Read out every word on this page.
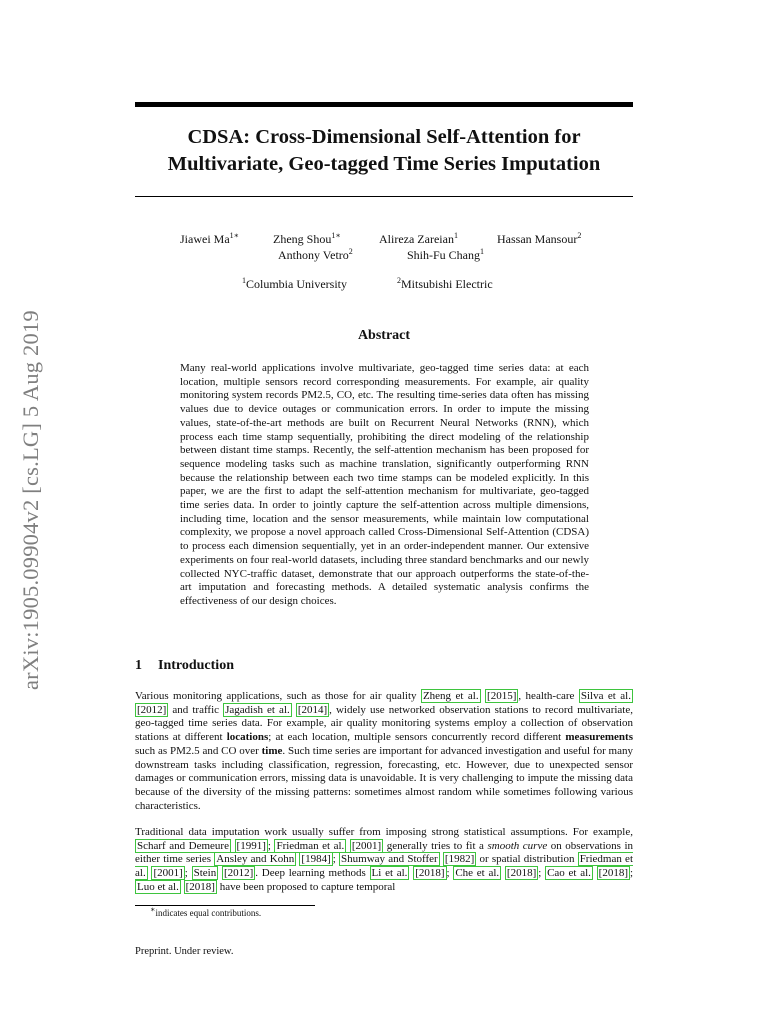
CDSA: Cross-Dimensional Self-Attention for
Multivariate, Geo-tagged Time Series Imputation
arXiv:1905.09904v2 [cs.LG] 5 Aug 2019
Jiawei $Ma^{1∗}$	Zheng Shou$^{1∗}$	Alireza Zareian$^1$	Hassan Mansour$^2$
Anthony Vetro$^2$	Shih-Fu Chang$^1$
$^1$Columbia University	$^2$Mitsubishi Electric
Abstract

Many real-world applications involve multivariate, geo-tagged time series data: at each location, multiple sensors record corresponding measurements. For example, air quality monitoring system records PM2.5, CO, etc. The resulting time-series data often has missing values due to device outages or communication errors. In order to impute the missing values, state-of-the-art methods are built on Recurrent Neural Networks (RNN), which process each time stamp sequentially, prohibiting the direct modeling of the relationship between distant time stamps. Recently, the self-attention mechanism has been proposed for sequence modeling tasks such as machine translation, significantly outperforming RNN because the relationship between each two time stamps can be modeled explicitly. In this paper, we are the first to adapt the self-attention mechanism for multivariate, geo-tagged time series data. In order to jointly capture the self-attention across multiple dimensions, including time, location and the sensor measurements, while maintain low computational complexity, we propose a novel approach called Cross-Dimensional Self-Attention (CDSA) to process each dimension sequentially, yet in an order-independent manner. Our extensive experiments on four real-world datasets, including three standard benchmarks and our newly collected NYC-traffic dataset, demonstrate that our approach outperforms the state-of-the-art imputation and forecasting methods. A detailed systematic analysis confirms the effectiveness of our design choices.

1 Introduction

Various monitoring applications, such as those for air quality Zheng et al. [2015] , health-care Silva et al. [2012] and traffic Jagadish et al. [2014] , widely use networked observation stations to record multivariate, geo-tagged time series data. For example, air quality monitoring systems employ a collection of observation stations at different locations; at each location, multiple sensors concurrently record different measurements such as PM2.5 and CO over time. Such time series are important for advanced investigation and useful for many downstream tasks including classification, regression, forecasting, etc. However, due to unexpected sensor damages or communication errors, missing data is unavoidable. It is very challenging to impute the missing data because of the diversity of the missing patterns: sometimes almost random while sometimes following various characteristics.

Traditional data imputation work usually suffer from imposing strong statistical assumptions. For example, Scharf and Demeure [1991] ; Friedman et al. [2001] generally tries to fit a smooth curve on observations in either time series Ansley and Kohn [1984] ; Shumway and Stoffer [1982] or spatial distribution Friedman et al. [2001] ; Stein [2012] . Deep learning methods Li et al. [2018] ; Che et al. [2018] ; Cao et al. [2018] ; Luo et al. [2018] have been proposed to capture temporal

∗indicates equal contributions.
Preprint. Under review.
